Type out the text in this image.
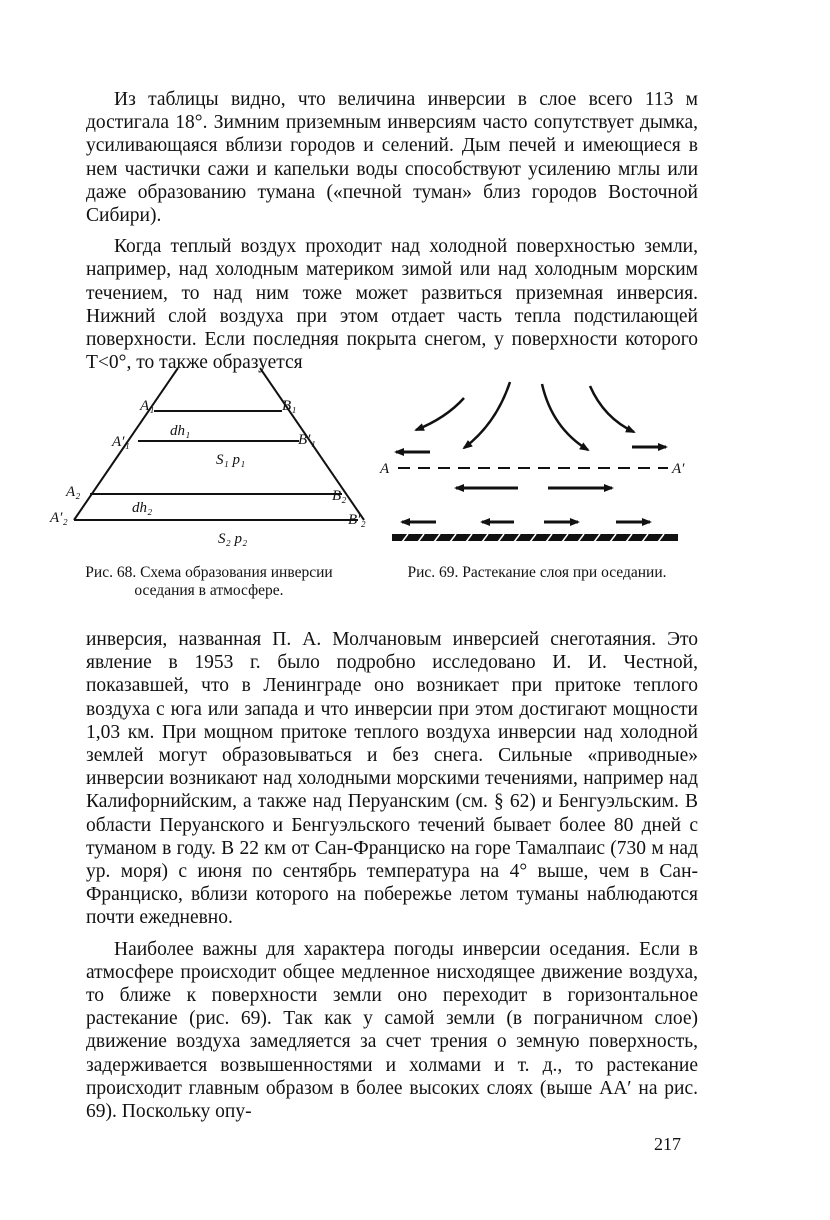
Из таблицы видно, что величина инверсии в слое всего 113 м достигала 18°. Зимним приземным инверсиям часто сопутствует дымка, усиливающаяся вблизи городов и селений. Дым печей и имеющиеся в нем частички сажи и капельки воды способствуют усилению мглы или даже образованию тумана («печной туман» близ городов Восточной Сибири).

Когда теплый воздух проходит над холодной поверхностью земли, например, над холодным материком зимой или над холодным морским течением, то над ним тоже может развиться приземная инверсия. Нижний слой воздуха при этом отдает часть тепла подстилающей поверхности. Если последняя покрыта снегом, у поверхности которого T<0°, то также образуется

A₁	B₁
A′₁	B′₁
dh₁
S₁ p₁
A₂	B₂
A′₂	B′₂
dh₂
S₂ p₂
A	A′
Рис. 68. Схема образования инверсии оседания в атмосфере.
Рис. 69. Растекание слоя при оседании.

инверсия, названная П. А. Молчановым инверсией снеготаяния. Это явление в 1953 г. было подробно исследовано И. И. Честной, показавшей, что в Ленинграде оно возникает при притоке теплого воздуха с юга или запада и что инверсии при этом достигают мощности 1,03 км. При мощном притоке теплого воздуха инверсии над холодной землей могут образовываться и без снега. Сильные «приводные» инверсии возникают над холодными морскими течениями, например над Калифорнийским, а также над Перуанским (см. § 62) и Бенгуэльским. В области Перуанского и Бенгуэльского течений бывает более 80 дней с туманом в году. В 22 км от Сан-Франциско на горе Тамалпаис (730 м над ур. моря) с июня по сентябрь температура на 4° выше, чем в Сан-Франциско, вблизи которого на побережье летом туманы наблюдаются почти ежедневно.

Наиболее важны для характера погоды инверсии оседания. Если в атмосфере происходит общее медленное нисходящее движение воздуха, то ближе к поверхности земли оно переходит в горизонтальное растекание (рис. 69). Так как у самой земли (в пограничном слое) движение воздуха замедляется за счет трения о земную поверхность, задерживается возвышенностями и холмами и т. д., то растекание происходит главным образом в более высоких слоях (выше AA′ на рис. 69). Поскольку опу-

217
